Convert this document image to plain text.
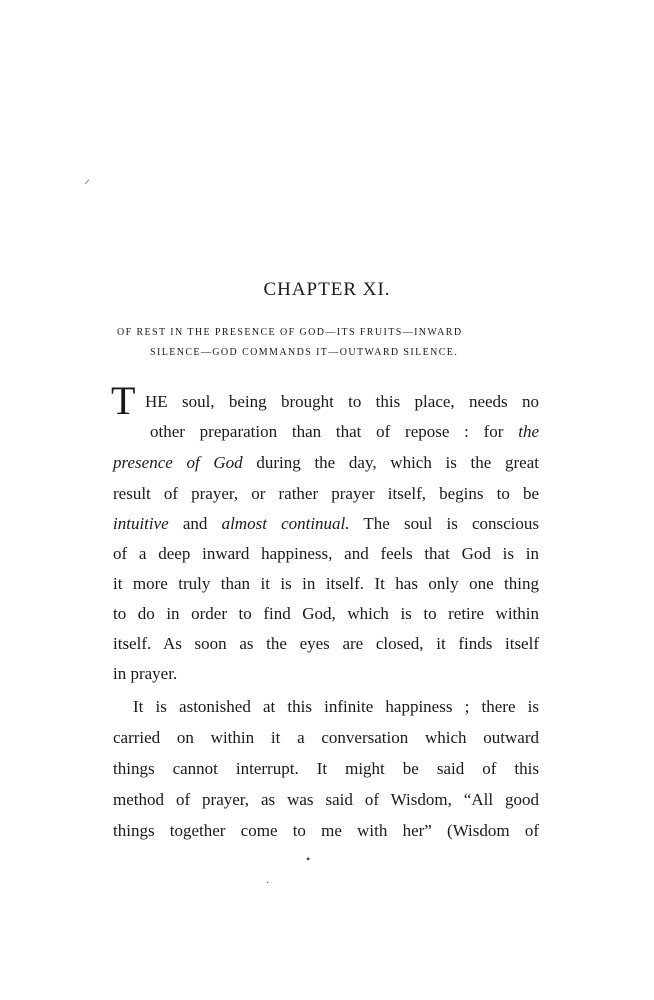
⸝
•
.
CHAPTER XI.
OF REST IN THE PRESENCE OF GOD—ITS FRUITS—INWARD
SILENCE—GOD COMMANDS IT—OUTWARD SILENCE.
T HE soul, being brought to this place, needs no
other preparation than that of repose : for the
presence of God during the day, which is the great
result of prayer, or rather prayer itself, begins to be
intuitive and almost continual. The soul is conscious
of a deep inward happiness, and feels that God is in
it more truly than it is in itself. It has only one thing
to do in order to find God, which is to retire within
itself. As soon as the eyes are closed, it finds itself
in prayer.
It is astonished at this infinite happiness ; there is
carried on within it a conversation which outward
things cannot interrupt. It might be said of this
method of prayer, as was said of Wisdom, “All good
things together come to me with her” (Wisdom of
